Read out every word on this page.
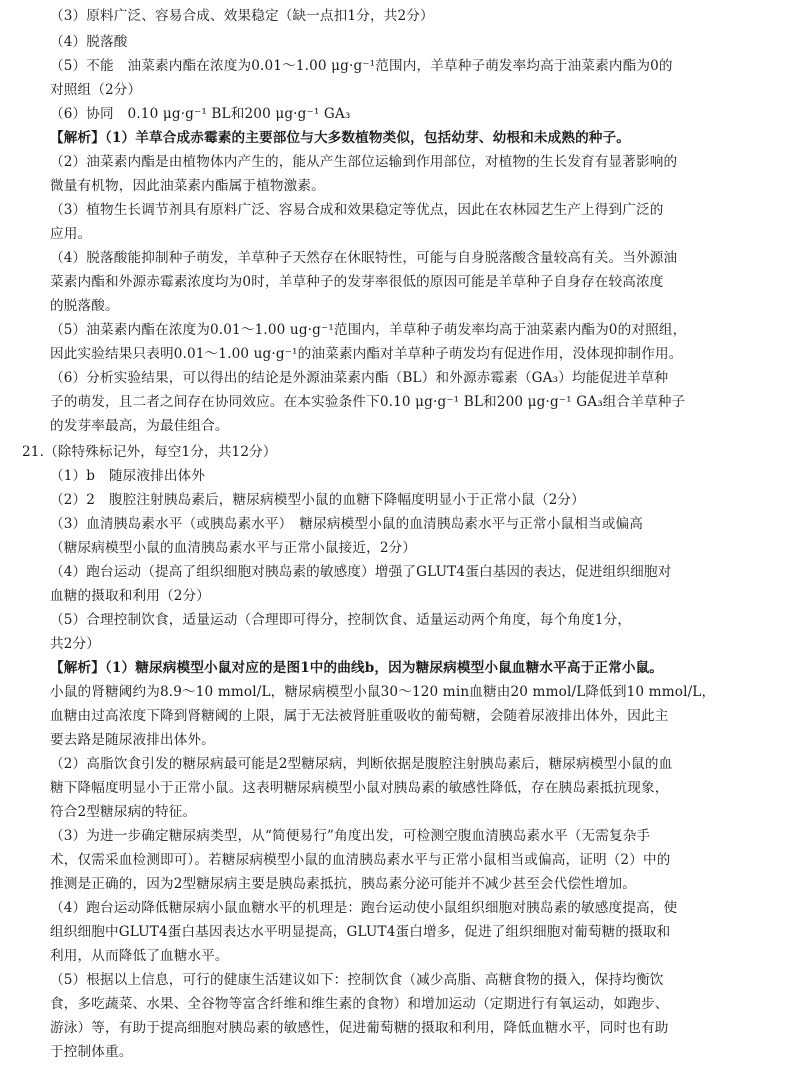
（3）原料广泛、容易合成、效果稳定（缺一点扣1分，共2分）
（4）脱落酸
（5）不能　油菜素内酯在浓度为0.01～1.00 μg·g⁻¹范围内，羊草种子萌发率均高于油菜素内酯为0的
对照组（2分）
（6）协同　0.10 μg·g⁻¹ BL和200 μg·g⁻¹ GA₃
【解析】（1）羊草合成赤霉素的主要部位与大多数植物类似，包括幼芽、幼根和未成熟的种子。
（2）油菜素内酯是由植物体内产生的，能从产生部位运输到作用部位，对植物的生长发育有显著影响的
微量有机物，因此油菜素内酯属于植物激素。
（3）植物生长调节剂具有原料广泛、容易合成和效果稳定等优点，因此在农林园艺生产上得到广泛的
应用。
（4）脱落酸能抑制种子萌发，羊草种子天然存在休眠特性，可能与自身脱落酸含量较高有关。当外源油
菜素内酯和外源赤霉素浓度均为0时，羊草种子的发芽率很低的原因可能是羊草种子自身存在较高浓度
的脱落酸。
（5）油菜素内酯在浓度为0.01～1.00 ug·g⁻¹范围内，羊草种子萌发率均高于油菜素内酯为0的对照组，
因此实验结果只表明0.01～1.00 ug·g⁻¹的油菜素内酯对羊草种子萌发均有促进作用，没体现抑制作用。
（6）分析实验结果，可以得出的结论是外源油菜素内酯（BL）和外源赤霉素（GA₃）均能促进羊草种
子的萌发，且二者之间存在协同效应。在本实验条件下0.10 μg·g⁻¹ BL和200 μg·g⁻¹ GA₃组合羊草种子
的发芽率最高，为最佳组合。
21.（除特殊标记外，每空1分，共12分）
（1）b　随尿液排出体外
（2）2　腹腔注射胰岛素后，糖尿病模型小鼠的血糖下降幅度明显小于正常小鼠（2分）
（3）血清胰岛素水平（或胰岛素水平）　糖尿病模型小鼠的血清胰岛素水平与正常小鼠相当或偏高
（糖尿病模型小鼠的血清胰岛素水平与正常小鼠接近，2分）
（4）跑台运动（提高了组织细胞对胰岛素的敏感度）增强了GLUT4蛋白基因的表达，促进组织细胞对
血糖的摄取和利用（2分）
（5）合理控制饮食，适量运动（合理即可得分，控制饮食、适量运动两个角度，每个角度1分，
共2分）
【解析】（1）糖尿病模型小鼠对应的是图1中的曲线b，因为糖尿病模型小鼠血糖水平高于正常小鼠。
小鼠的肾糖阈约为8.9～10 mmol/L，糖尿病模型小鼠30～120 min血糖由20 mmol/L降低到10 mmol/L，
血糖由过高浓度下降到肾糖阈的上限，属于无法被肾脏重吸收的葡萄糖，会随着尿液排出体外，因此主
要去路是随尿液排出体外。
（2）高脂饮食引发的糖尿病最可能是2型糖尿病，判断依据是腹腔注射胰岛素后，糖尿病模型小鼠的血
糖下降幅度明显小于正常小鼠。这表明糖尿病模型小鼠对胰岛素的敏感性降低，存在胰岛素抵抗现象，
符合2型糖尿病的特征。
（3）为进一步确定糖尿病类型，从“简便易行”角度出发，可检测空腹血清胰岛素水平（无需复杂手
术，仅需采血检测即可）。若糖尿病模型小鼠的血清胰岛素水平与正常小鼠相当或偏高，证明（2）中的
推测是正确的，因为2型糖尿病主要是胰岛素抵抗，胰岛素分泌可能并不减少甚至会代偿性增加。
（4）跑台运动降低糖尿病小鼠血糖水平的机理是：跑台运动使小鼠组织细胞对胰岛素的敏感度提高，使
组织细胞中GLUT4蛋白基因表达水平明显提高，GLUT4蛋白增多，促进了组织细胞对葡萄糖的摄取和
利用，从而降低了血糖水平。
（5）根据以上信息，可行的健康生活建议如下：控制饮食（减少高脂、高糖食物的摄入，保持均衡饮
食，多吃蔬菜、水果、全谷物等富含纤维和维生素的食物）和增加运动（定期进行有氧运动，如跑步、
游泳）等，有助于提高细胞对胰岛素的敏感性，促进葡萄糖的摄取和利用，降低血糖水平，同时也有助
于控制体重。
